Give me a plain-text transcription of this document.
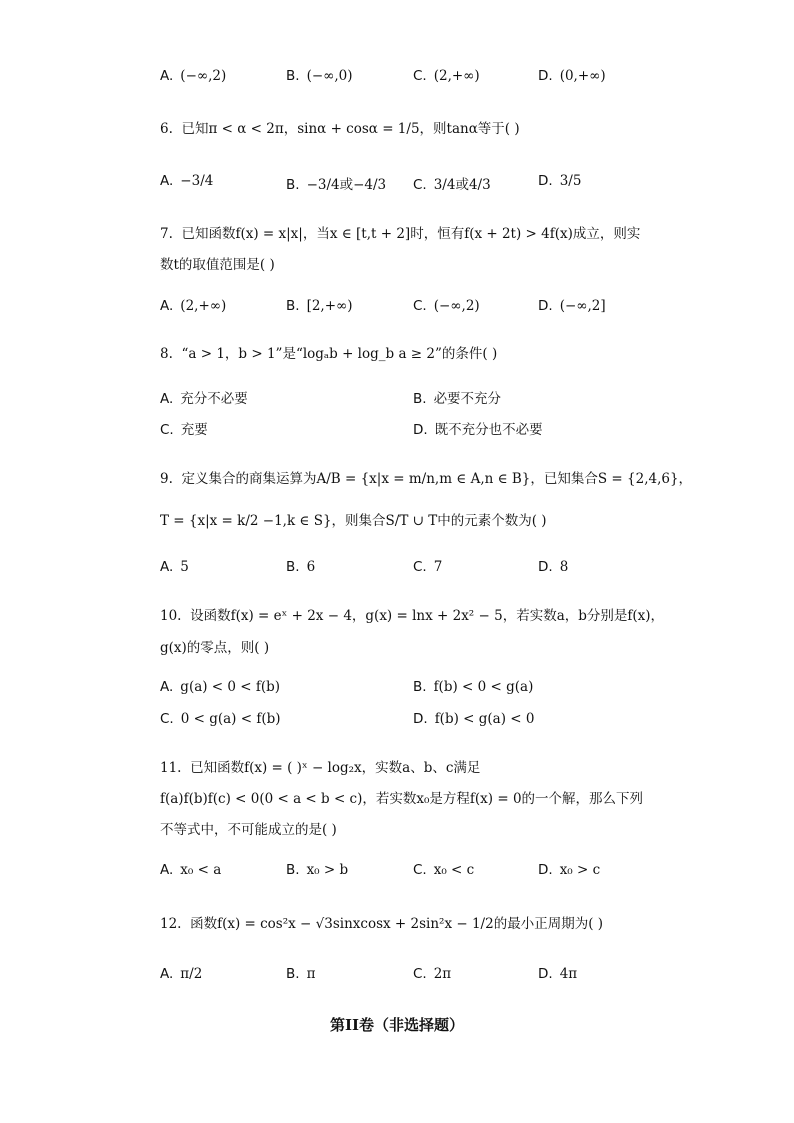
A. (−∞,2)	B. (−∞,0)	C. (2,+∞)	D. (0,+∞)
6. 已知π < α < 2π，sinα + cosα = 1/5，则tanα等于( )
A. −3/4	B. −3/4或−4/3 C. 3/4或4/3	D. 3/5
7. 已知函数f(x) = x|x|，当x ∈ [t,t + 2]时，恒有f(x + 2t) > 4f(x)成立，则实
数t的取值范围是( )
A. (2,+∞)	B. [2,+∞)	C. (−∞,2)	D. (−∞,2]
8. “a > 1，b > 1”是“logₐb + log_b a ≥ 2”的条件( )
A. 充分不必要	B. 必要不充分
C. 充要	D. 既不充分也不必要
9. 定义集合的商集运算为A/B = {x|x = m/n,m ∈ A,n ∈ B}，已知集合S = {2,4,6}，
T = {x|x = k/2 −1,k ∈ S}，则集合S/T ∪ T中的元素个数为( )
A. 5	B. 6	C. 7	D. 8
10. 设函数f(x) = eˣ + 2x − 4，g(x) = lnx + 2x² − 5，若实数a，b分别是f(x)，
g(x)的零点，则( )
A. g(a) < 0 < f(b)	B. f(b) < 0 < g(a)
C. 0 < g(a) < f(b)	D. f(b) < g(a) < 0
11. 已知函数f(x) = ( )ˣ − log₂x，实数a、b、c满足
f(a)f(b)f(c) < 0(0 < a < b < c)，若实数x₀是方程f(x) = 0的一个解，那么下列
不等式中，不可能成立的是( )
A. x₀ < a	B. x₀ > b	C. x₀ < c	D. x₀ > c
12. 函数f(x) = cos²x − √3sinxcosx + 2sin²x − 1/2的最小正周期为( )
A. π/2	B. π	C. 2π	D. 4π
第II卷（非选择题）
